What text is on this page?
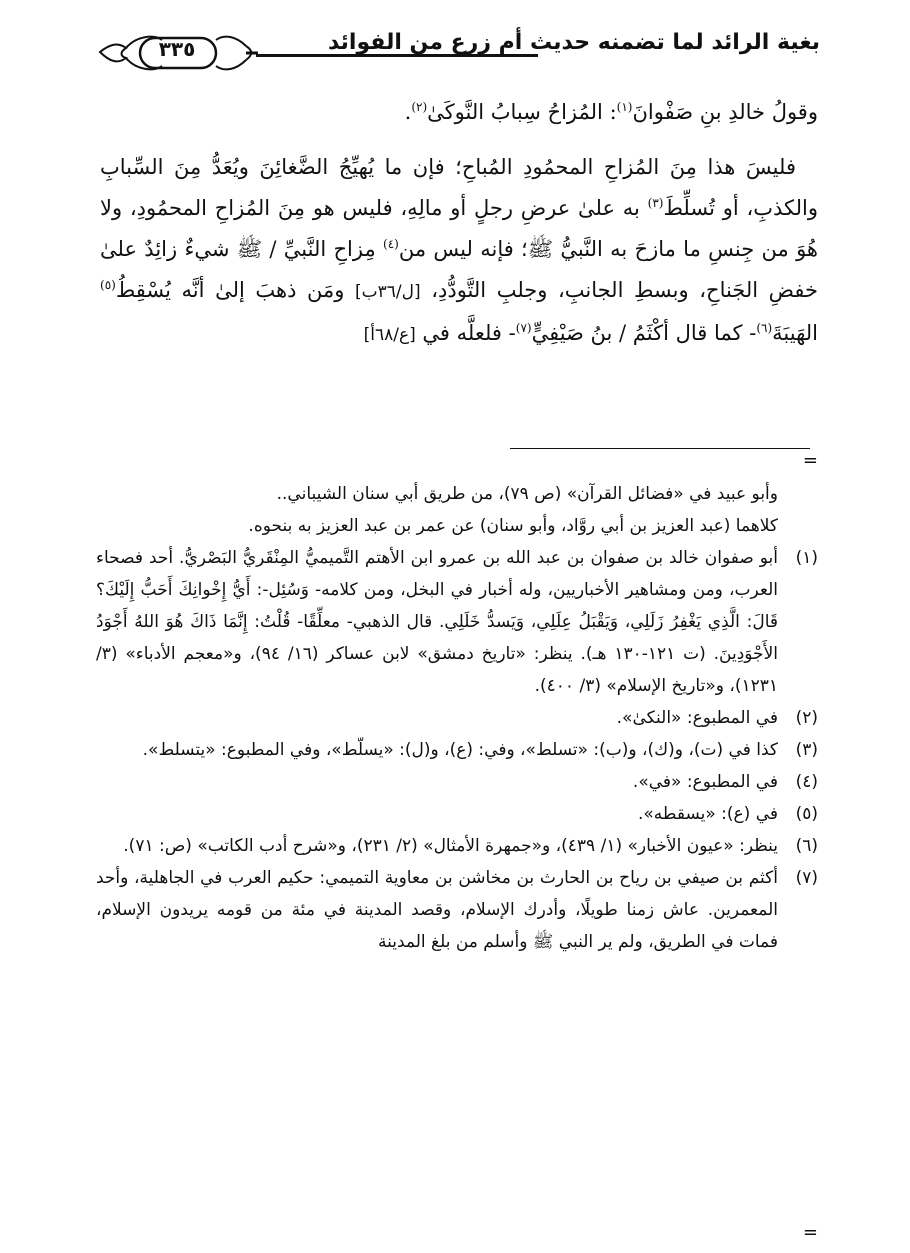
بغية الرائد لما تضمنه حديث أم زرع من الفوائد
٣٣٥

وقولُ خالدِ بنِ صَفْوانَ$^{(١)}$: المُزاحُ سِبابُ النَّوكَىٰ$^{(٢)}$.

فليسَ هذا مِنَ المُزاحِ المحمُودِ المُباحِ؛ فإن ما يُهيِّجُ الضَّغائِنَ ويُعَدُّ مِنَ السِّبابِ والكذبِ، أو تُسلِّطَ$^{(٣)}$ به علىٰ عرضِ رجلٍ أو مالِهِ، فليس هو مِنَ المُزاحِ المحمُودِ، ولا هُوَ من جِنسِ ما مازحَ به النَّبيُّ ﷺ؛ فإنه ليس من$^{(٤)}$ مِزاحِ النَّبيِّ / ﷺ شيءٌ زائِدٌ علىٰ خفضِ الجَناحِ، وبسطِ الجانبِ، وجلبِ التَّودُّدِ، [ل/٣٦ب] ومَن ذهبَ إلىٰ أنَّه يُسْقِطُ$^{(٥)}$ الهَيبَةَ$^{(٦)}$- كما قال أكْثَمُ / بنُ صَيْفِيٍّ$^{(٧)}$- فلعلَّه في [ع/٦٨أ]

=

وأبو عبيد في «فضائل القرآن» (ص ٧٩)، من طريق أبي سنان الشيباني..

كلاهما (عبد العزيز بن أبي روَّاد، وأبو سنان) عن عمر بن عبد العزيز به بنحوه.

(١)
أبو صفوان خالد بن صفوان بن عبد الله بن عمرو ابن الأهتم التَّميميُّ المِنْقَريُّ البَصْريُّ. أحد فصحاء العرب، ومن ومشاهير الأخباريين، وله أخبار في البخل، ومن كلامه- وَسُئِل-: أَيُّ إِخْوانِكَ أَحَبُّ إِلَيْكَ؟ قَالَ: الَّذِي يَغْفِرُ زَلَلِي، وَيَقْبَلُ عِلَلِي، وَيَسدُّ خَلَلِي. قال الذهبي- معلِّقًا- قُلْتُ: إِنَّمَا ذَاكَ هُوَ اللهُ أَجْوَدُ الأَجْوَدِينَ. (ت ١٢١-١٣٠ هـ). ينظر: «تاريخ دمشق» لابن عساكر (١٦/ ٩٤)، و«معجم الأدباء» (٣/ ١٢٣١)، و«تاريخ الإسلام» (٣/ ٤٠٠).
(٢)
في المطبوع: «النكىٰ».
(٣)
كذا في (ت)، و(ك)، و(ب): «تسلط»، وفي: (ع)، و(ل): «يسلّط»، وفي المطبوع: «يتسلط».
(٤)
في المطبوع: «في».
(٥)
في (ع): «يسقطه».
(٦)
ينظر: «عيون الأخبار» (١/ ٤٣٩)، و«جمهرة الأمثال» (٢/ ٢٣١)، و«شرح أدب الكاتب» (ص: ٧١).
(٧)
أكثم بن صيفي بن رياح بن الحارث بن مخاشن بن معاوية التميمي: حكيم العرب في الجاهلية، وأحد المعمرين. عاش زمنا طويلًا، وأدرك الإسلام، وقصد المدينة في مئة من قومه يريدون الإسلام، فمات في الطريق، ولم ير النبي ﷺ وأسلم من بلغ المدينة
=
